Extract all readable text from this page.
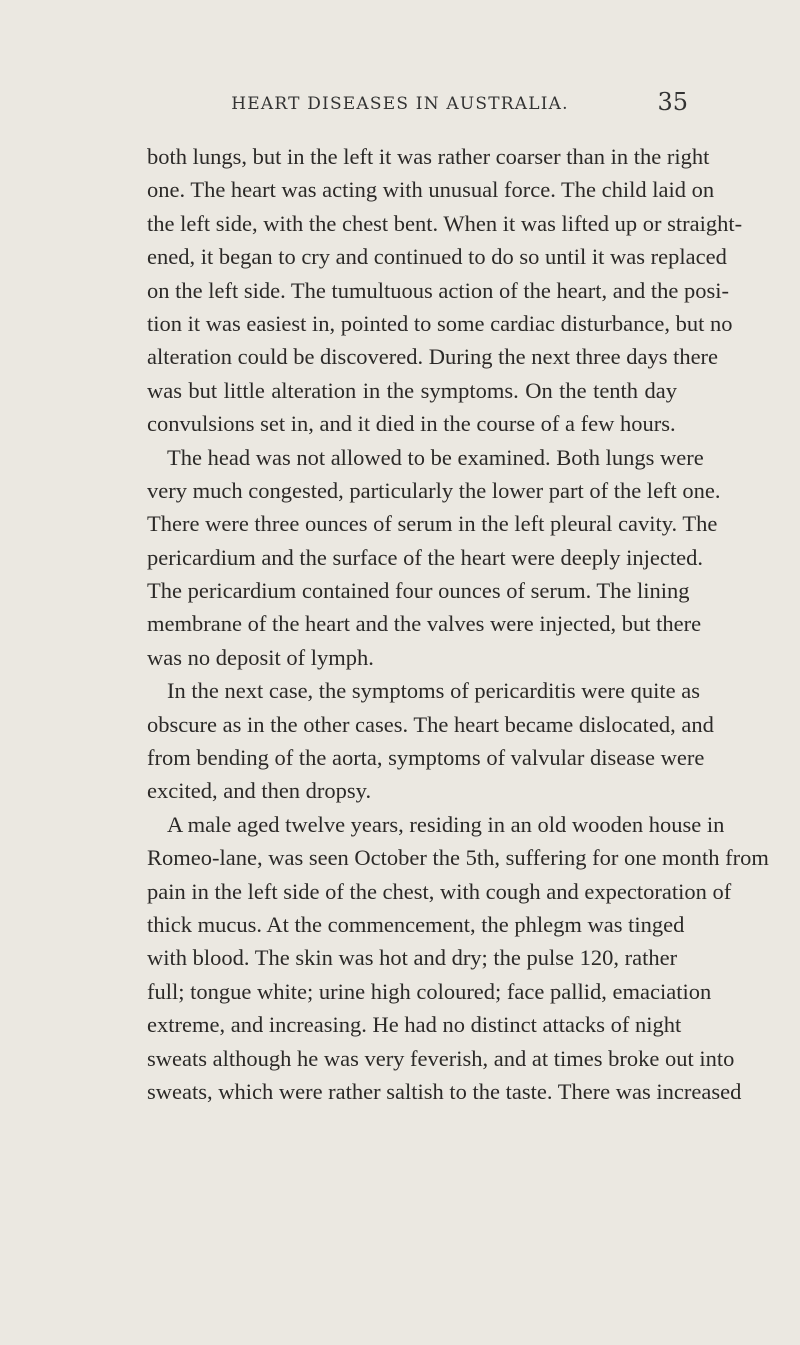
HEART DISEASES IN AUSTRALIA.	35
both lungs, but in the left it was rather coarser than in the right
one. The heart was acting with unusual force. The child laid on
the left side, with the chest bent. When it was lifted up or straight-
ened, it began to cry and continued to do so until it was replaced
on the left side. The tumultuous action of the heart, and the posi-
tion it was easiest in, pointed to some cardiac disturbance, but no
alteration could be discovered. During the next three days there
was but little alteration in the symptoms. On the tenth day
convulsions set in, and it died in the course of a few hours.
The head was not allowed to be examined. Both lungs were
very much congested, particularly the lower part of the left one.
There were three ounces of serum in the left pleural cavity. The
pericardium and the surface of the heart were deeply injected.
The pericardium contained four ounces of serum. The lining
membrane of the heart and the valves were injected, but there
was no deposit of lymph.
In the next case, the symptoms of pericarditis were quite as
obscure as in the other cases. The heart became dislocated, and
from bending of the aorta, symptoms of valvular disease were
excited, and then dropsy.
A male aged twelve years, residing in an old wooden house in
Romeo-lane, was seen October the 5th, suffering for one month from
pain in the left side of the chest, with cough and expectoration of
thick mucus. At the commencement, the phlegm was tinged
with blood. The skin was hot and dry; the pulse 120, rather
full; tongue white; urine high coloured; face pallid, emaciation
extreme, and increasing. He had no distinct attacks of night
sweats although he was very feverish, and at times broke out into
sweats, which were rather saltish to the taste. There was increased
